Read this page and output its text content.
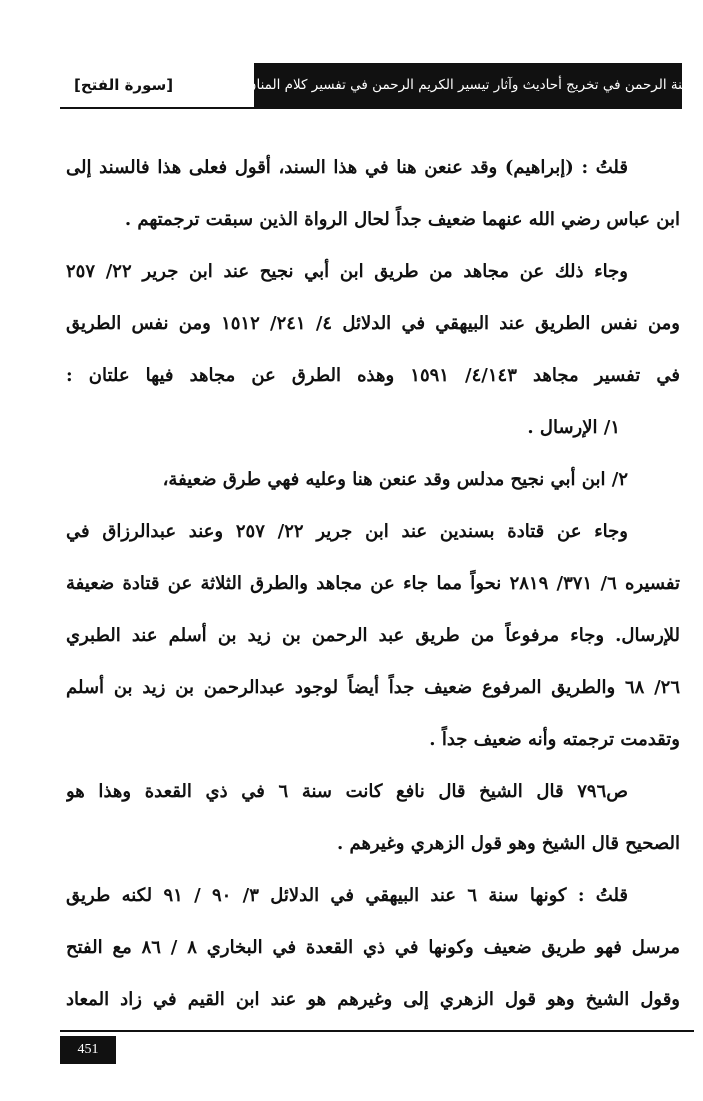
منة الرحمن في تخريج أحاديث وآثار تيسير الكريم الرحمن في تفسير كلام المنان
[سورة الفتح]
قلتُ : (إبراهيم) وقد عنعن هنا في هذا السند، أقول فعلى هذا فالسند إلى
ابن عباس رضي الله عنهما ضعيف جداً لحال الرواة الذين سبقت ترجمتهم .
وجاء ذلك عن مجاهد من طريق ابن أبي نجيح عند ابن جرير ٢٢/ ٢٥٧
ومن نفس الطريق عند البيهقي في الدلائل ٤/ ٢٤١/ ١٥١٢ ومن نفس الطريق
في تفسير مجاهد ٤/١٤٣/ ١٥٩١ وهذه الطرق عن مجاهد فيها علتان :
١/ الإرسال .
٢/ ابن أبي نجيح مدلس وقد عنعن هنا وعليه فهي طرق ضعيفة،
وجاء عن قتادة بسندين عند ابن جرير ٢٢/ ٢٥٧ وعند عبدالرزاق في
تفسيره ٦/ ٣٧١/ ٢٨١٩ نحواً مما جاء عن مجاهد والطرق الثلاثة عن قتادة ضعيفة
للإرسال. وجاء مرفوعاً من طريق عبد الرحمن بن زيد بن أسلم عند الطبري
٢٦/ ٦٨ والطريق المرفوع ضعيف جداً أيضاً لوجود عبدالرحمن بن زيد بن أسلم
وتقدمت ترجمته وأنه ضعيف جداً .
ص٧٩٦ قال الشيخ قال نافع كانت سنة ٦ في ذي القعدة وهذا هو
الصحيح قال الشيخ وهو قول الزهري وغيرهم .
قلتُ : كونها سنة ٦ عند البيهقي في الدلائل ٣/ ٩٠ / ٩١ لكنه طريق
مرسل فهو طريق ضعيف وكونها في ذي القعدة في البخاري ٨ / ٨٦ مع الفتح
وقول الشيخ وهو قول الزهري إلى وغيرهم هو عند ابن القيم في زاد المعاد
451
